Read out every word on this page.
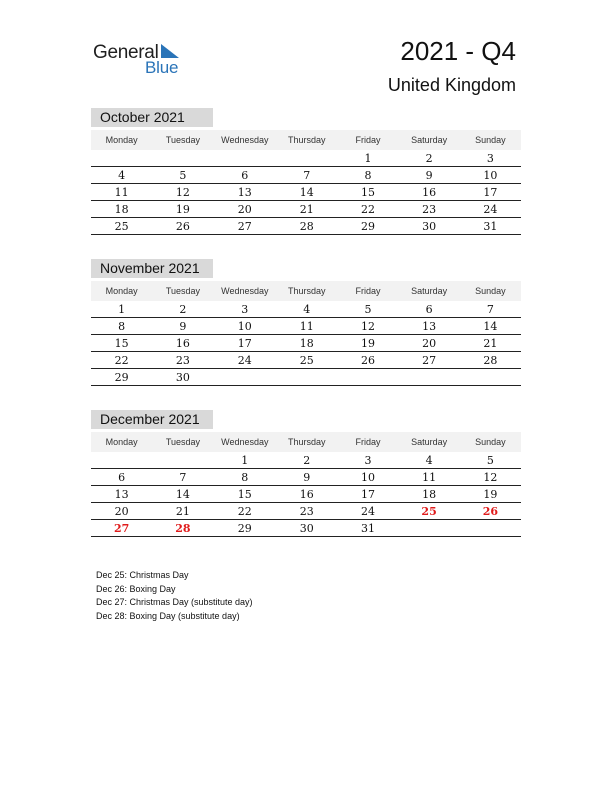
General
Blue
2021 - Q4
United Kingdom
October 2021
Monday	Tuesday	Wednesday	Thursday	Friday	Saturday	Sunday
				1	2	3
4	5	6	7	8	9	10
11	12	13	14	15	16	17
18	19	20	21	22	23	24
25	26	27	28	29	30	31
November 2021
Monday	Tuesday	Wednesday	Thursday	Friday	Saturday	Sunday
1	2	3	4	5	6	7
8	9	10	11	12	13	14
15	16	17	18	19	20	21
22	23	24	25	26	27	28
29	30					
December 2021
Monday	Tuesday	Wednesday	Thursday	Friday	Saturday	Sunday
		1	2	3	4	5
6	7	8	9	10	11	12
13	14	15	16	17	18	19
20	21	22	23	24	25	26
27	28	29	30	31		
Dec 25: Christmas Day
Dec 26: Boxing Day
Dec 27: Christmas Day (substitute day)
Dec 28: Boxing Day (substitute day)
